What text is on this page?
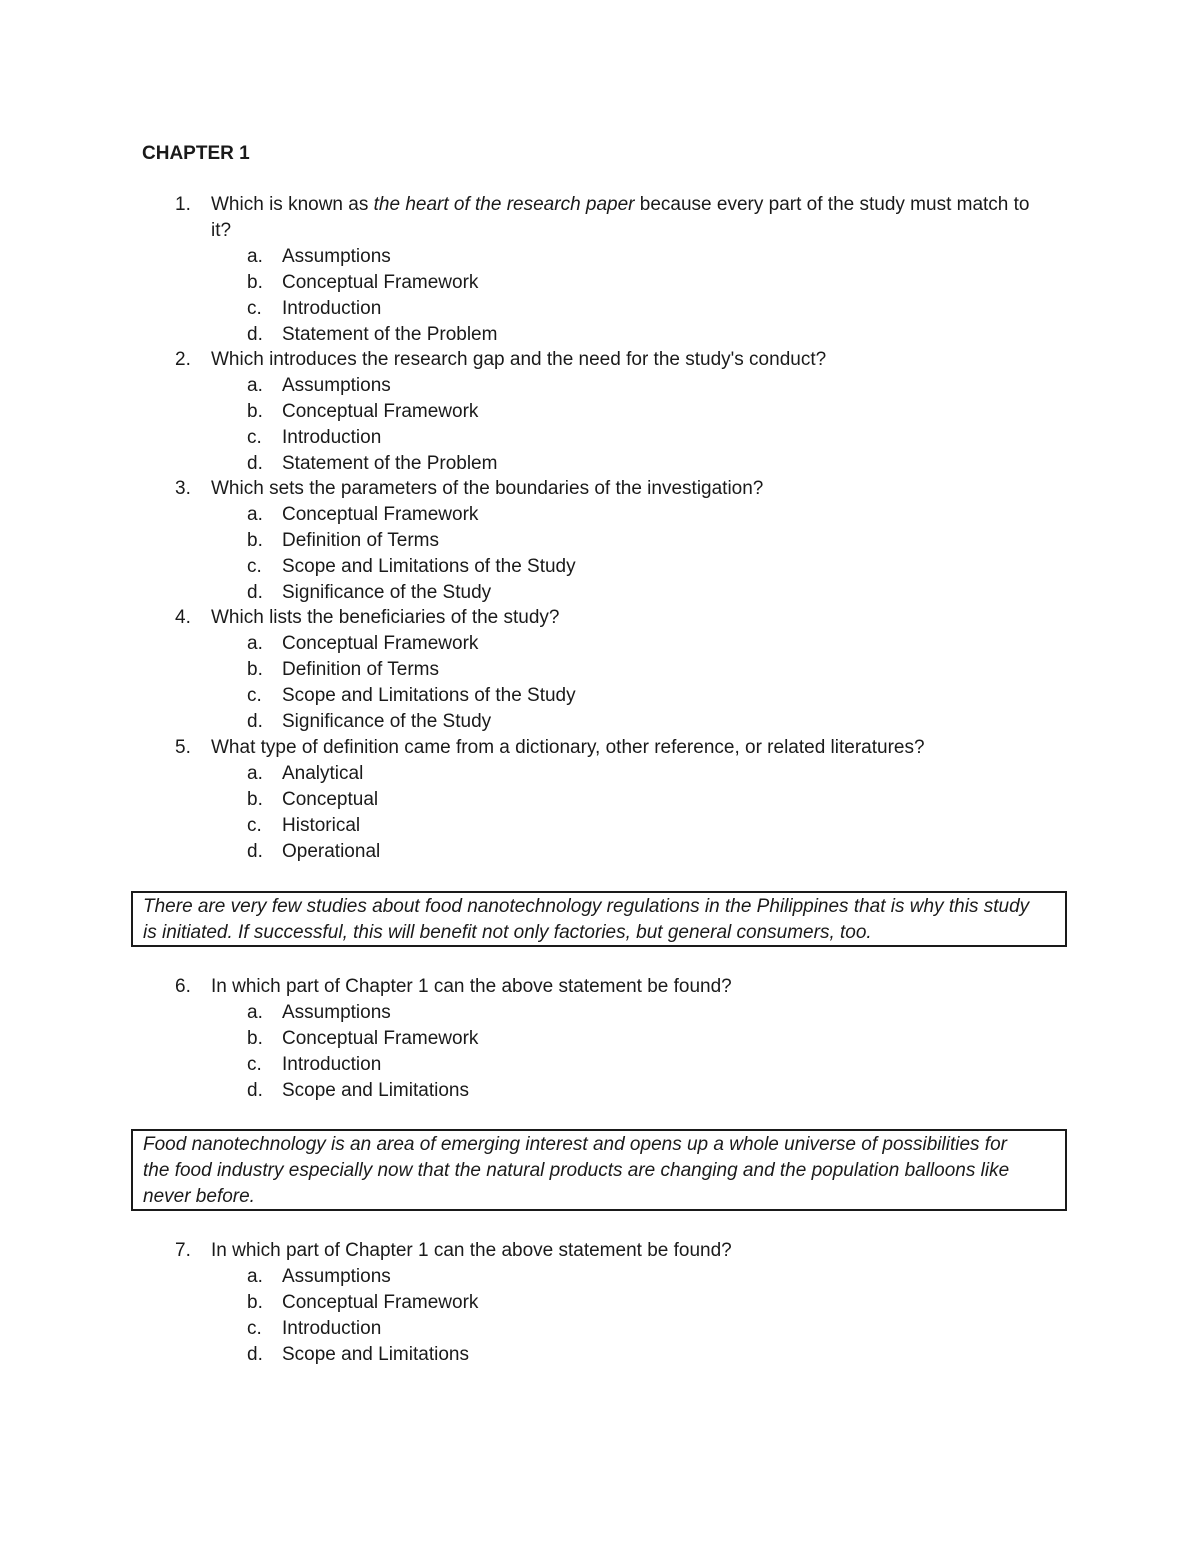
CHAPTER 1
1. Which is known as the heart of the research paper because every part of the study must match to
it?
a. Assumptions
b. Conceptual Framework
c. Introduction
d. Statement of the Problem
2. Which introduces the research gap and the need for the study's conduct?
a. Assumptions
b. Conceptual Framework
c. Introduction
d. Statement of the Problem
3. Which sets the parameters of the boundaries of the investigation?
a. Conceptual Framework
b. Definition of Terms
c. Scope and Limitations of the Study
d. Significance of the Study
4. Which lists the beneficiaries of the study?
a. Conceptual Framework
b. Definition of Terms
c. Scope and Limitations of the Study
d. Significance of the Study
5. What type of definition came from a dictionary, other reference, or related literatures?
a. Analytical
b. Conceptual
c. Historical
d. Operational
There are very few studies about food nanotechnology regulations in the Philippines that is why this study
is initiated. If successful, this will benefit not only factories, but general consumers, too.
6. In which part of Chapter 1 can the above statement be found?
a. Assumptions
b. Conceptual Framework
c. Introduction
d. Scope and Limitations
Food nanotechnology is an area of emerging interest and opens up a whole universe of possibilities for
the food industry especially now that the natural products are changing and the population balloons like
never before.
7. In which part of Chapter 1 can the above statement be found?
a. Assumptions
b. Conceptual Framework
c. Introduction
d. Scope and Limitations
